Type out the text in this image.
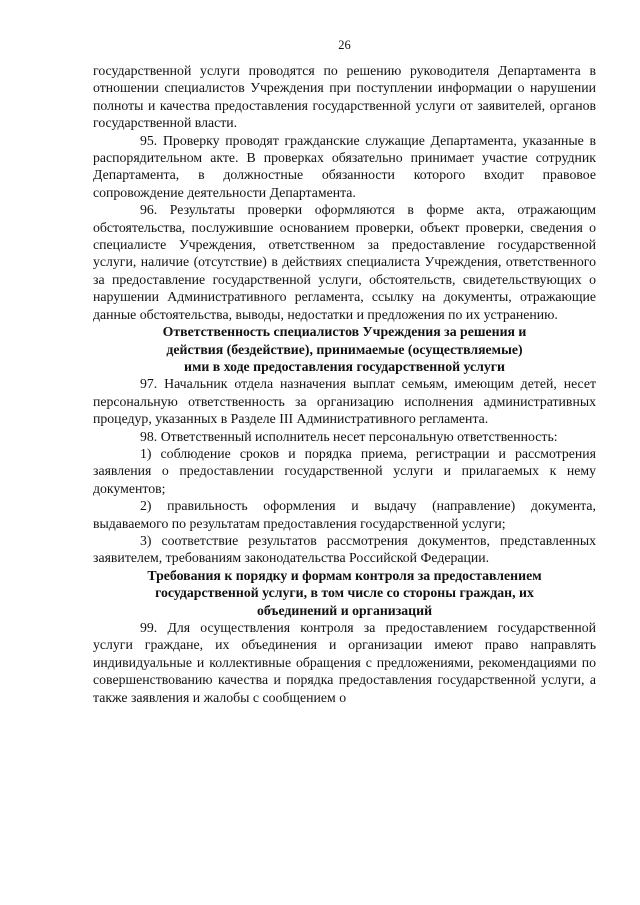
26

государственной услуги проводятся по решению руководителя Департамента в отношении специалистов Учреждения при поступлении информации о нарушении полноты и качества предоставления государственной услуги от заявителей, органов государственной власти.

95. Проверку проводят гражданские служащие Департамента, указанные в распорядительном акте. В проверках обязательно принимает участие сотрудник Департамента, в должностные обязанности которого входит правовое сопровождение деятельности Департамента.

96. Результаты проверки оформляются в форме акта, отражающим обстоятельства, послужившие основанием проверки, объект проверки, сведения о специалисте Учреждения, ответственном за предоставление государственной услуги, наличие (отсутствие) в действиях специалиста Учреждения, ответственного за предоставление государственной услуги, обстоятельств, свидетельствующих о нарушении Административного регламента, ссылку на документы, отражающие данные обстоятельства, выводы, недостатки и предложения по их устранению.

Ответственность специалистов Учреждения за решения и действия (бездействие), принимаемые (осуществляемые) ими в ходе предоставления государственной услуги

97. Начальник отдела назначения выплат семьям, имеющим детей, несет персональную ответственность за организацию исполнения административных процедур, указанных в Разделе III Административного регламента.

98. Ответственный исполнитель несет персональную ответственность:

1) соблюдение сроков и порядка приема, регистрации и рассмотрения заявления о предоставлении государственной услуги и прилагаемых к нему документов;

2) правильность оформления и выдачу (направление) документа, выдаваемого по результатам предоставления государственной услуги;

3) соответствие результатов рассмотрения документов, представленных заявителем, требованиям законодательства Российской Федерации.

Требования к порядку и формам контроля за предоставлением государственной услуги, в том числе со стороны граждан, их объединений и организаций

99. Для осуществления контроля за предоставлением государственной услуги граждане, их объединения и организации имеют право направлять индивидуальные и коллективные обращения с предложениями, рекомендациями по совершенствованию качества и порядка предоставления государственной услуги, а также заявления и жалобы с сообщением о
